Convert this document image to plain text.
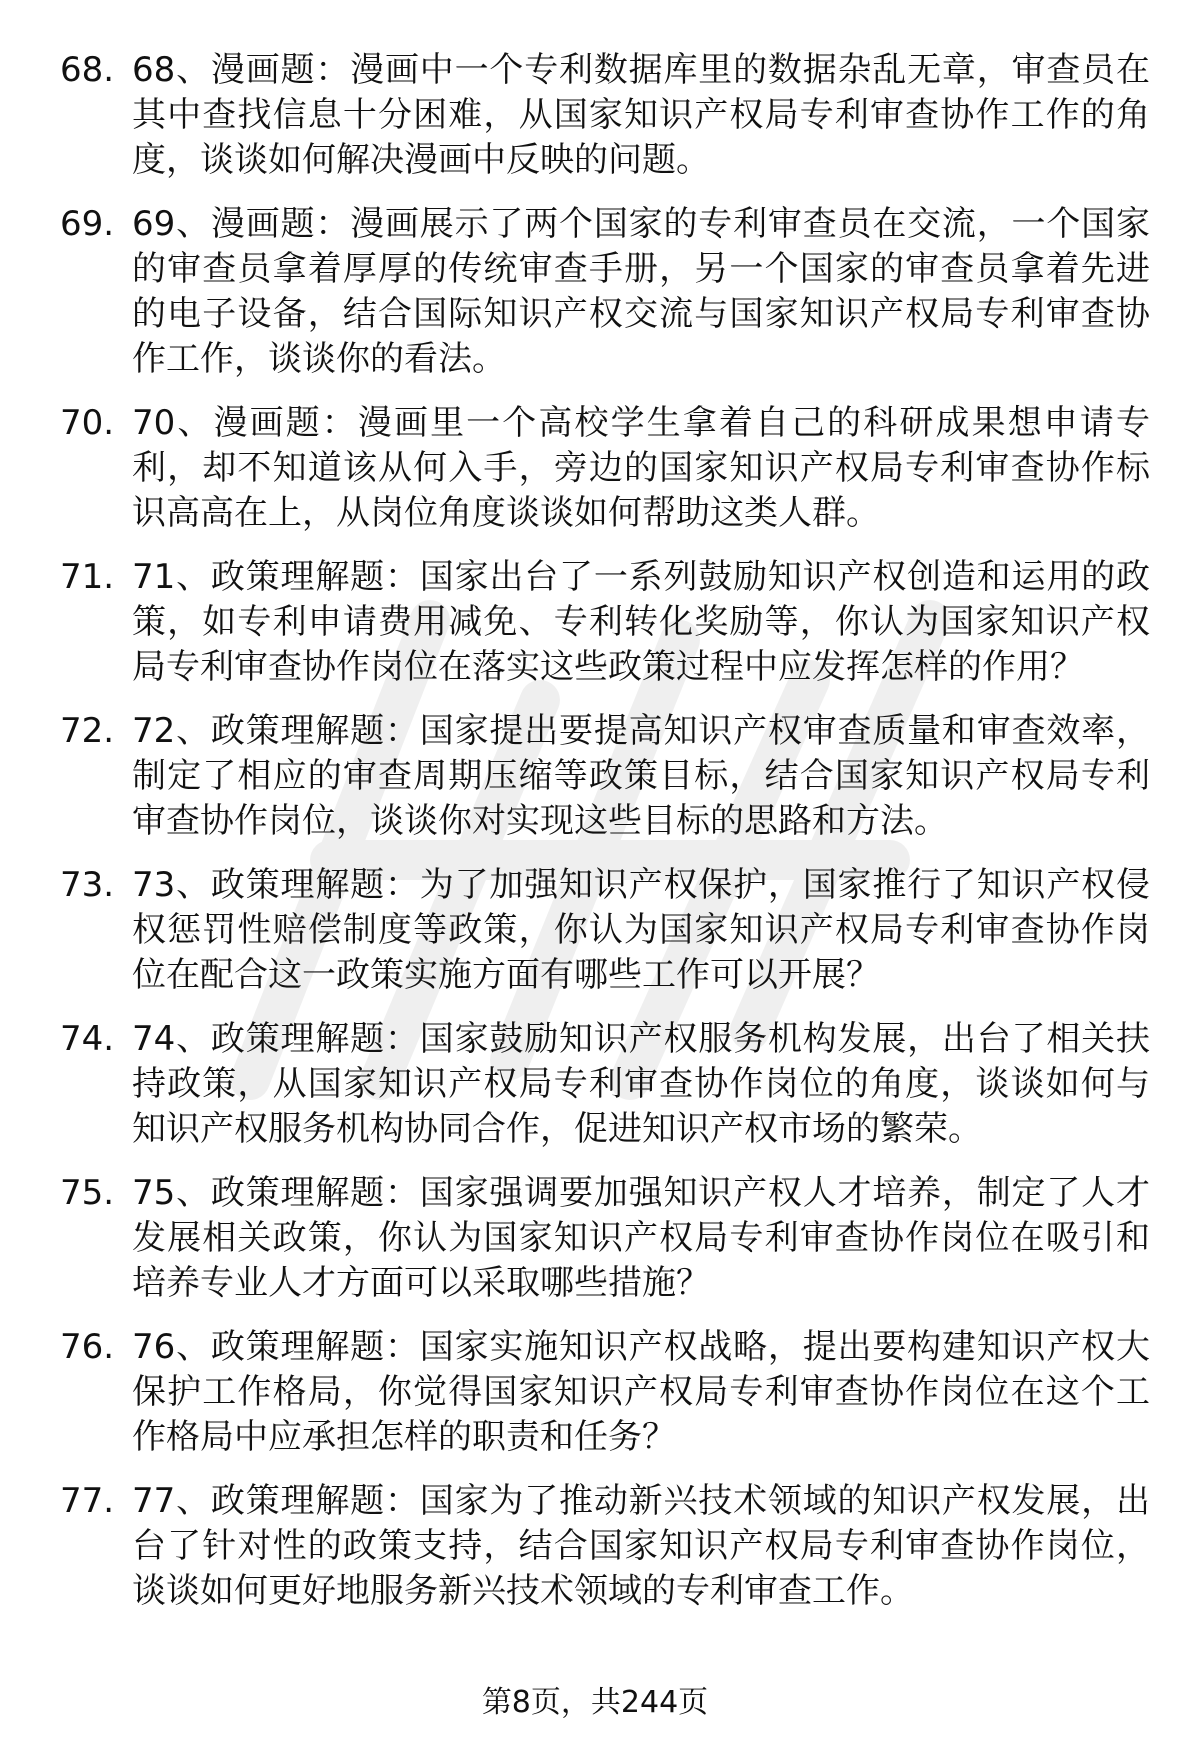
68. 68、漫画题：漫画中一个专利数据库里的数据杂乱无章，审查员在其中查找信息十分困难，从国家知识产权局专利审查协作工作的角度，谈谈如何解决漫画中反映的问题。
69. 69、漫画题：漫画展示了两个国家的专利审查员在交流，一个国家的审查员拿着厚厚的传统审查手册，另一个国家的审查员拿着先进的电子设备，结合国际知识产权交流与国家知识产权局专利审查协作工作，谈谈你的看法。
70. 70、漫画题：漫画里一个高校学生拿着自己的科研成果想申请专利，却不知道该从何入手，旁边的国家知识产权局专利审查协作标识高高在上，从岗位角度谈谈如何帮助这类人群。
71. 71、政策理解题：国家出台了一系列鼓励知识产权创造和运用的政策，如专利申请费用减免、专利转化奖励等，你认为国家知识产权局专利审查协作岗位在落实这些政策过程中应发挥怎样的作用？
72. 72、政策理解题：国家提出要提高知识产权审查质量和审查效率，制定了相应的审查周期压缩等政策目标，结合国家知识产权局专利审查协作岗位，谈谈你对实现这些目标的思路和方法。
73. 73、政策理解题：为了加强知识产权保护，国家推行了知识产权侵权惩罚性赔偿制度等政策，你认为国家知识产权局专利审查协作岗位在配合这一政策实施方面有哪些工作可以开展？
74. 74、政策理解题：国家鼓励知识产权服务机构发展，出台了相关扶持政策，从国家知识产权局专利审查协作岗位的角度，谈谈如何与知识产权服务机构协同合作，促进知识产权市场的繁荣。
75. 75、政策理解题：国家强调要加强知识产权人才培养，制定了人才发展相关政策，你认为国家知识产权局专利审查协作岗位在吸引和培养专业人才方面可以采取哪些措施？
76. 76、政策理解题：国家实施知识产权战略，提出要构建知识产权大保护工作格局，你觉得国家知识产权局专利审查协作岗位在这个工作格局中应承担怎样的职责和任务？
77. 77、政策理解题：国家为了推动新兴技术领域的知识产权发展，出台了针对性的政策支持，结合国家知识产权局专利审查协作岗位，谈谈如何更好地服务新兴技术领域的专利审查工作。
第8页，共244页
